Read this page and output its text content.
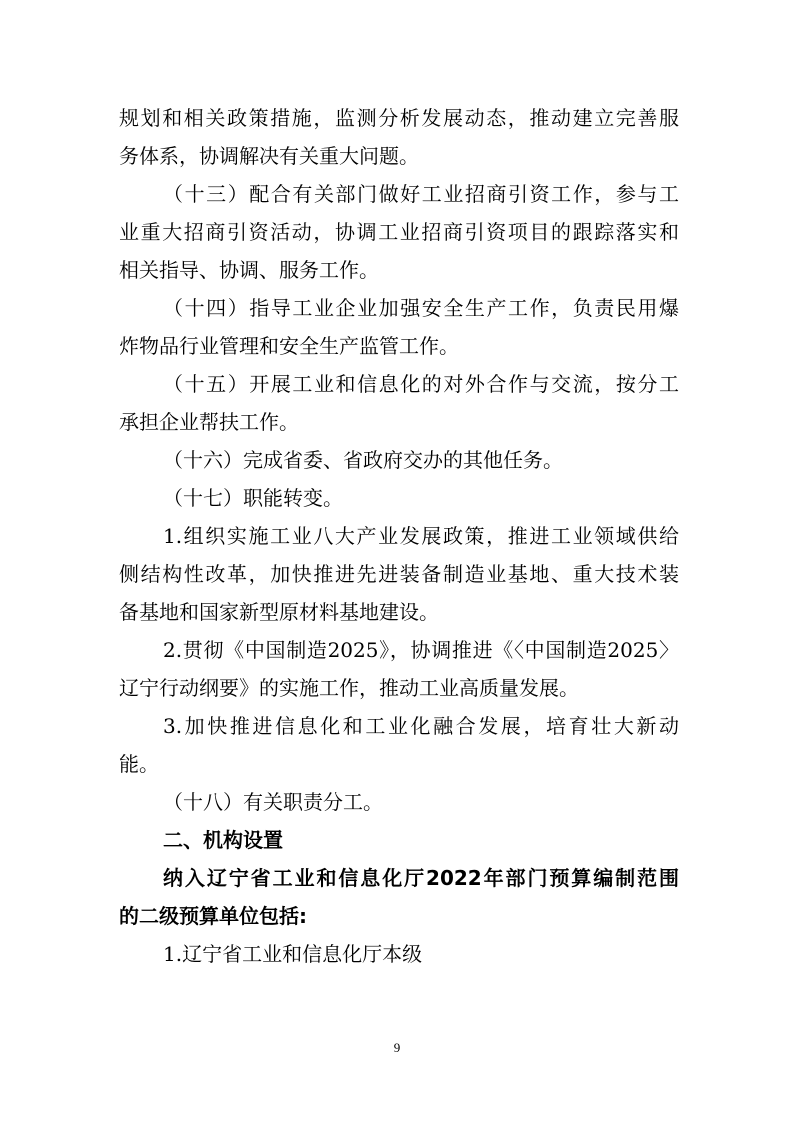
规划和相关政策措施，监测分析发展动态，推动建立完善服
务体系，协调解决有关重大问题。
（十三）配合有关部门做好工业招商引资工作，参与工
业重大招商引资活动，协调工业招商引资项目的跟踪落实和
相关指导、协调、服务工作。
（十四）指导工业企业加强安全生产工作，负责民用爆
炸物品行业管理和安全生产监管工作。
（十五）开展工业和信息化的对外合作与交流，按分工
承担企业帮扶工作。
（十六）完成省委、省政府交办的其他任务。
（十七）职能转变。
1.组织实施工业八大产业发展政策，推进工业领域供给
侧结构性改革，加快推进先进装备制造业基地、重大技术装
备基地和国家新型原材料基地建设。
2.贯彻《中国制造2025》，协调推进《〈中国制造2025〉
辽宁行动纲要》的实施工作，推动工业高质量发展。
3.加快推进信息化和工业化融合发展，培育壮大新动
能。
（十八）有关职责分工。
二、机构设置
纳入辽宁省工业和信息化厅2022年部门预算编制范围
的二级预算单位包括:
1.辽宁省工业和信息化厅本级
9
